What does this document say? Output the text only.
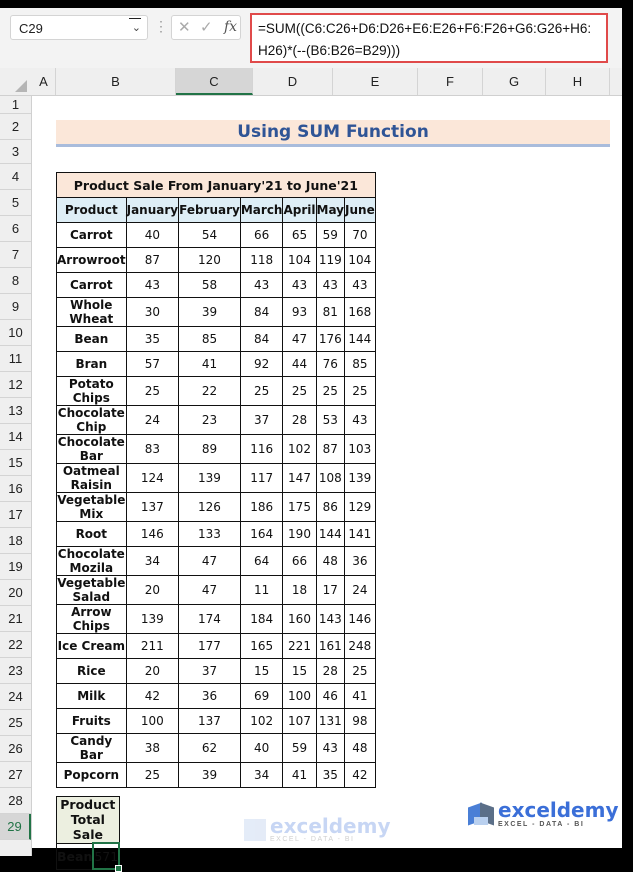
C29	⌄ ⋮ ✕ ✓ fx	=SUM((C6:C26+D6:D26+E6:E26+F6:F26+G6:G26+H6:H26)*(--(B6:B26=B29)))
A	B	C	D	E	F	G	H
1
2
3
4
5
6
7
8
9
10
11
12
13
14
15
16
17
18
19
20
21
22
23
24
25
26
27
28
29
Using SUM Function
Product Sale From January'21 to June'21						
Product	January	February	March	April	May	June
Carrot	40	54	66	65	59	70
Arrowroot	87	120	118	104	119	104
Carrot	43	58	43	43	43	43
Whole Wheat	30	39	84	93	81	168
Bean	35	85	84	47	176	144
Bran	57	41	92	44	76	85
Potato Chips	25	22	25	25	25	25
Chocolate Chip	24	23	37	28	53	43
Chocolate Bar	83	89	116	102	87	103
Oatmeal Raisin	124	139	117	147	108	139
Vegetable Mix	137	126	186	175	86	129
Root	146	133	164	190	144	141
Chocolate Mozila	34	47	64	66	48	36
Vegetable Salad	20	47	11	18	17	24
Arrow Chips	139	174	184	160	143	146
Ice Cream	211	177	165	221	161	248
Rice	20	37	15	15	28	25
Milk	42	36	69	100	46	41
Fruits	100	137	102	107	131	98
Candy Bar	38	62	40	59	43	48
Popcorn	25	39	34	41	35	42
Product Total Sale
Bean	571
exceldemy
EXCEL - DATA - BI
exceldemy
EXCEL - DATA - BI
